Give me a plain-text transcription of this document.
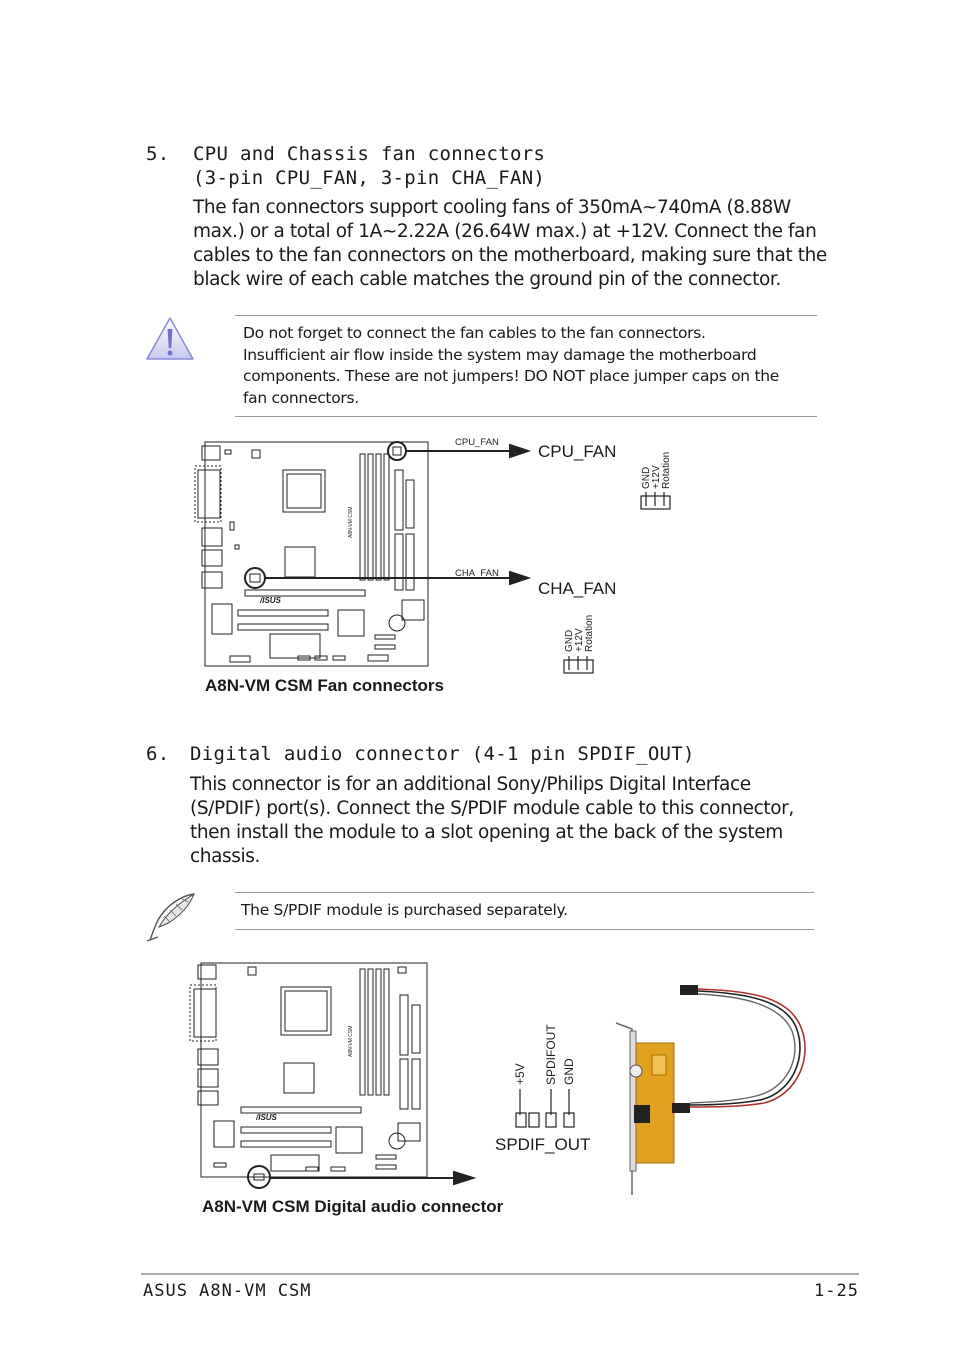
5. CPU and Chassis fan connectors
(3-pin CPU_FAN, 3-pin CHA_FAN)
The fan connectors support cooling fans of 350mA~740mA (8.88W
max.) or a total of 1A~2.22A (26.64W max.) at +12V. Connect the fan
cables to the fan connectors on the motherboard, making sure that the
black wire of each cable matches the ground pin of the connector.
Do not forget to connect the fan cables to the fan connectors.
Insufficient air flow inside the system may damage the motherboard
components. These are not jumpers! DO NOT place jumper caps on the
fan connectors.
/ISUS
A8N-VM CSM
CPU_FAN
CHA_FAN
CPU_FAN
CHA_FAN
GND +12V Rotation
GND +12V Rotation
A8N-VM CSM Fan connectors
6. Digital audio connector (4-1 pin SPDIF_OUT)
This connector is for an additional Sony/Philips Digital Interface
(S/PDIF) port(s). Connect the S/PDIF module cable to this connector,
then install the module to a slot opening at the back of the system
chassis.
The S/PDIF module is purchased separately.
/ISUS
A8N-VM CSM
+5V SPDIFOUT GND
SPDIF_OUT
A8N-VM CSM Digital audio connector
ASUS A8N-VM CSM	1-25
